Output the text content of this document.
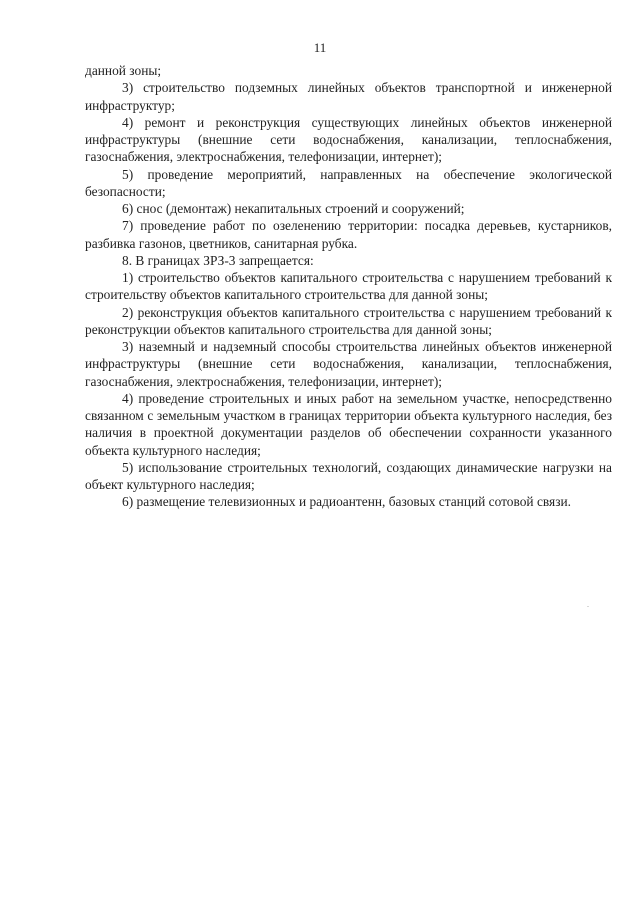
11

данной зоны;

3) строительство подземных линейных объектов транспортной и инженерной инфраструктур;

4) ремонт и реконструкция существующих линейных объектов инженерной инфраструктуры (внешние сети водоснабжения, канализации, теплоснабжения, газоснабжения, электроснабжения, телефонизации, интернет);

5) проведение мероприятий, направленных на обеспечение экологической безопасности;

6) снос (демонтаж) некапитальных строений и сооружений;

7) проведение работ по озеленению территории: посадка деревьев, кустарников, разбивка газонов, цветников, санитарная рубка.

8. В границах ЗРЗ-3 запрещается:

1) строительство объектов капитального строительства с нарушением требований к строительству объектов капитального строительства для данной зоны;

2) реконструкция объектов капитального строительства с нарушением требований к реконструкции объектов капитального строительства для данной зоны;

3) наземный и надземный способы строительства линейных объектов инженерной инфраструктуры (внешние сети водоснабжения, канализации, теплоснабжения, газоснабжения, электроснабжения, телефонизации, интернет);

4) проведение строительных и иных работ на земельном участке, непосредственно связанном с земельным участком в границах территории объекта культурного наследия, без наличия в проектной документации разделов об обеспечении сохранности указанного объекта культурного наследия;

5) использование строительных технологий, создающих динамические нагрузки на объект культурного наследия;

6) размещение телевизионных и радиоантенн, базовых станций сотовой связи.
